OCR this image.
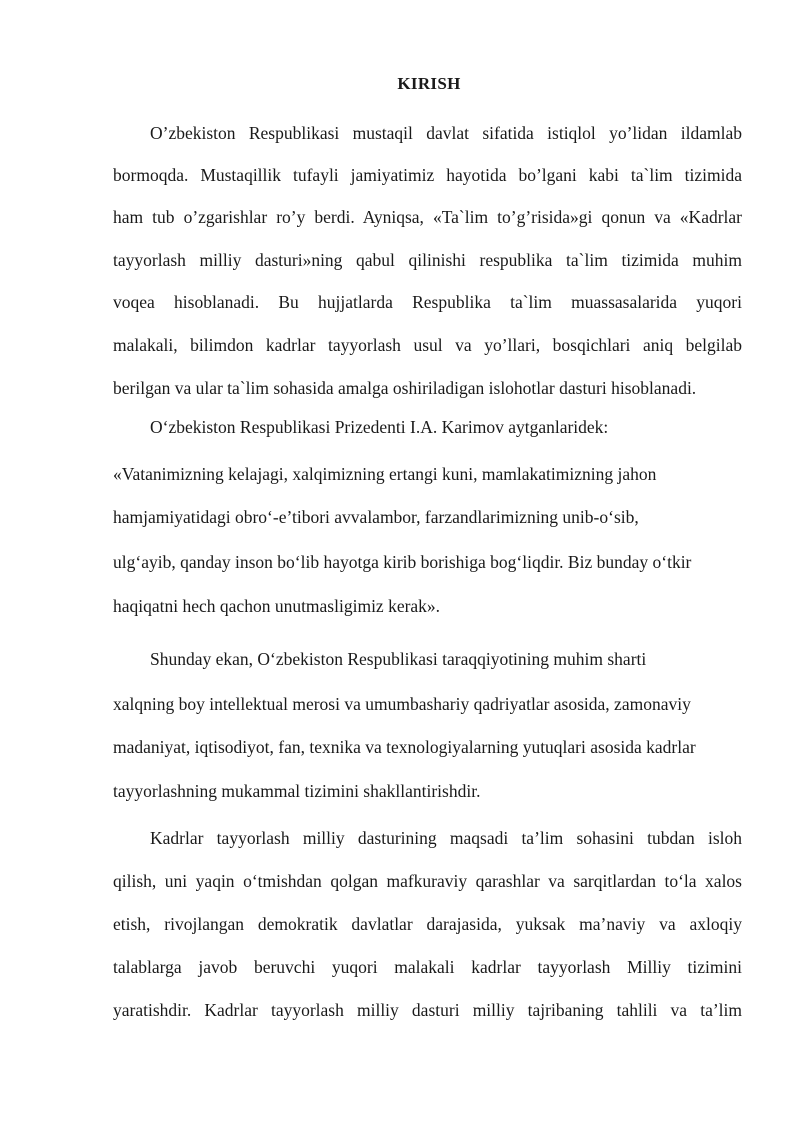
KIRISH
O’zbekiston Respublikasi mustaqil davlat sifatida istiqlol yo’lidan ildamlab
bormoqda. Mustaqillik tufayli jamiyatimiz hayotida bo’lgani kabi ta`lim tizimida
ham tub o’zgarishlar ro’y berdi. Ayniqsa, «Ta`lim to’g’risida»gi qonun va «Kadrlar
tayyorlash milliy dasturi»ning qabul qilinishi respublika ta`lim tizimida muhim
voqea hisoblanadi. Bu hujjatlarda Respublika ta`lim muassasalarida yuqori
malakali, bilimdon kadrlar tayyorlash usul va yo’llari, bosqichlari aniq belgilab
berilgan va ular ta`lim sohasida amalga oshiriladigan islohotlar dasturi hisoblanadi.
O‘zbekiston Respublikasi Prizedenti I.A. Karimov aytganlaridek:
«Vatanimizning kelajagi, xalqimizning ertangi kuni, mamlakatimizning jahon
hamjamiyatidagi obro‘-e’tibori avvalambor, farzandlarimizning unib-o‘sib,
ulg‘ayib, qanday inson bo‘lib hayotga kirib borishiga bog‘liqdir. Biz bunday o‘tkir
haqiqatni hech qachon unutmasligimiz kerak».
Shunday ekan, O‘zbekiston Respublikasi taraqqiyotining muhim sharti
xalqning boy intellektual merosi va umumbashariy qadriyatlar asosida, zamonaviy
madaniyat, iqtisodiyot, fan, texnika va texnologiyalarning yutuqlari asosida kadrlar
tayyorlashning mukammal tizimini shakllantirishdir.
Kadrlar tayyorlash milliy dasturining maqsadi ta’lim sohasini tubdan isloh
qilish, uni yaqin o‘tmishdan qolgan mafkuraviy qarashlar va sarqitlardan to‘la xalos
etish, rivojlangan demokratik davlatlar darajasida, yuksak ma’naviy va axloqiy
talablarga javob beruvchi yuqori malakali kadrlar tayyorlash Milliy tizimini
yaratishdir. Kadrlar tayyorlash milliy dasturi milliy tajribaning tahlili va ta’lim
